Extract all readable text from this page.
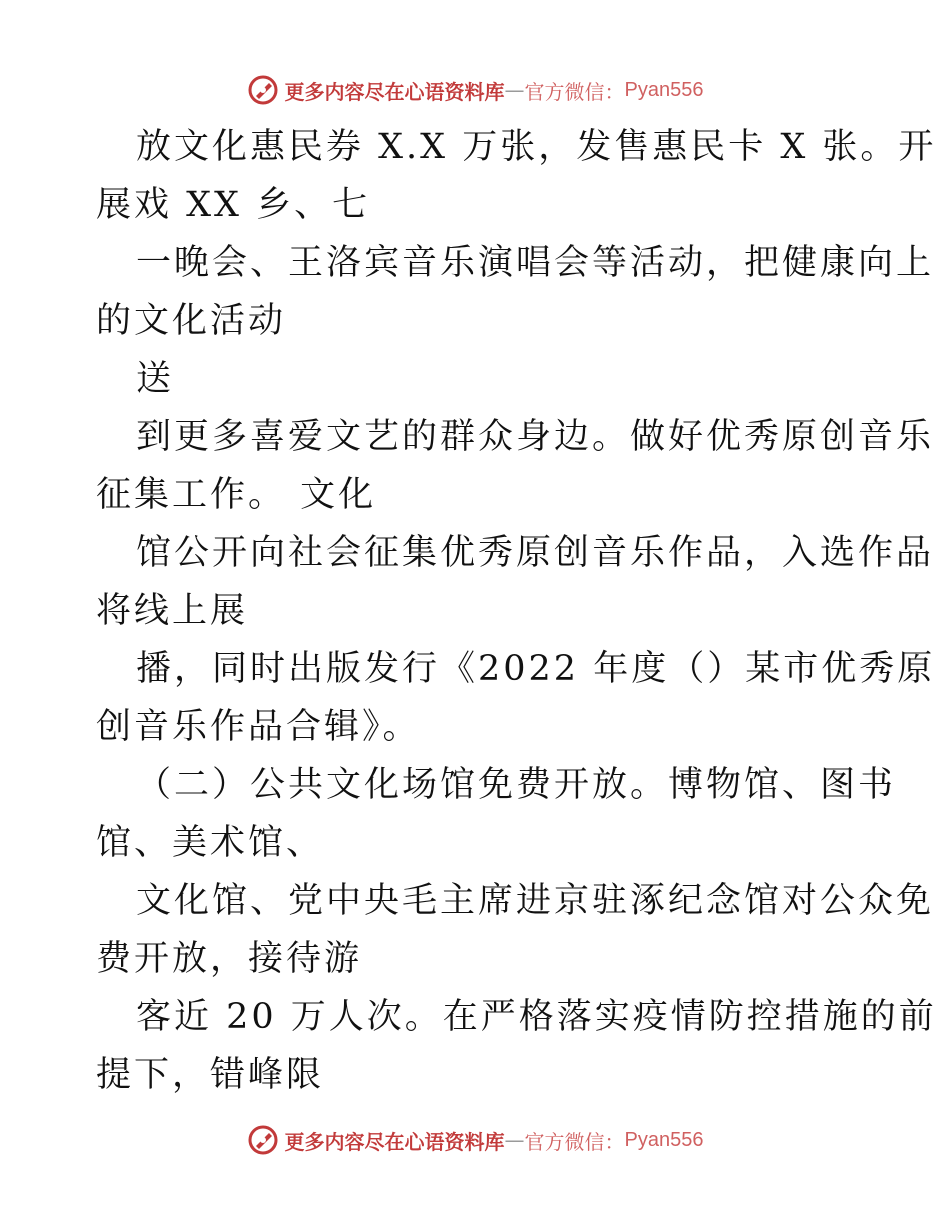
更多内容尽在心语资料库 — 官方微信： Pyan556
放文化惠民券 X.X 万张，发售惠民卡 X 张。开
展戏 XX 乡、七
一晚会、王洛宾音乐演唱会等活动，把健康向上
的文化活动
送
到更多喜爱文艺的群众身边。做好优秀原创音乐
征集工作。 文化
馆公开向社会征集优秀原创音乐作品，入选作品
将线上展
播，同时出版发行《2022 年度（）某市优秀原
创音乐作品合辑》。
（二）公共文化场馆免费开放。博物馆、图书
馆、美术馆、
文化馆、党中央毛主席进京驻涿纪念馆对公众免
费开放，接待游
客近 20 万人次。在严格落实疫情防控措施的前
提下，错峰限
更多内容尽在心语资料库 — 官方微信： Pyan556
